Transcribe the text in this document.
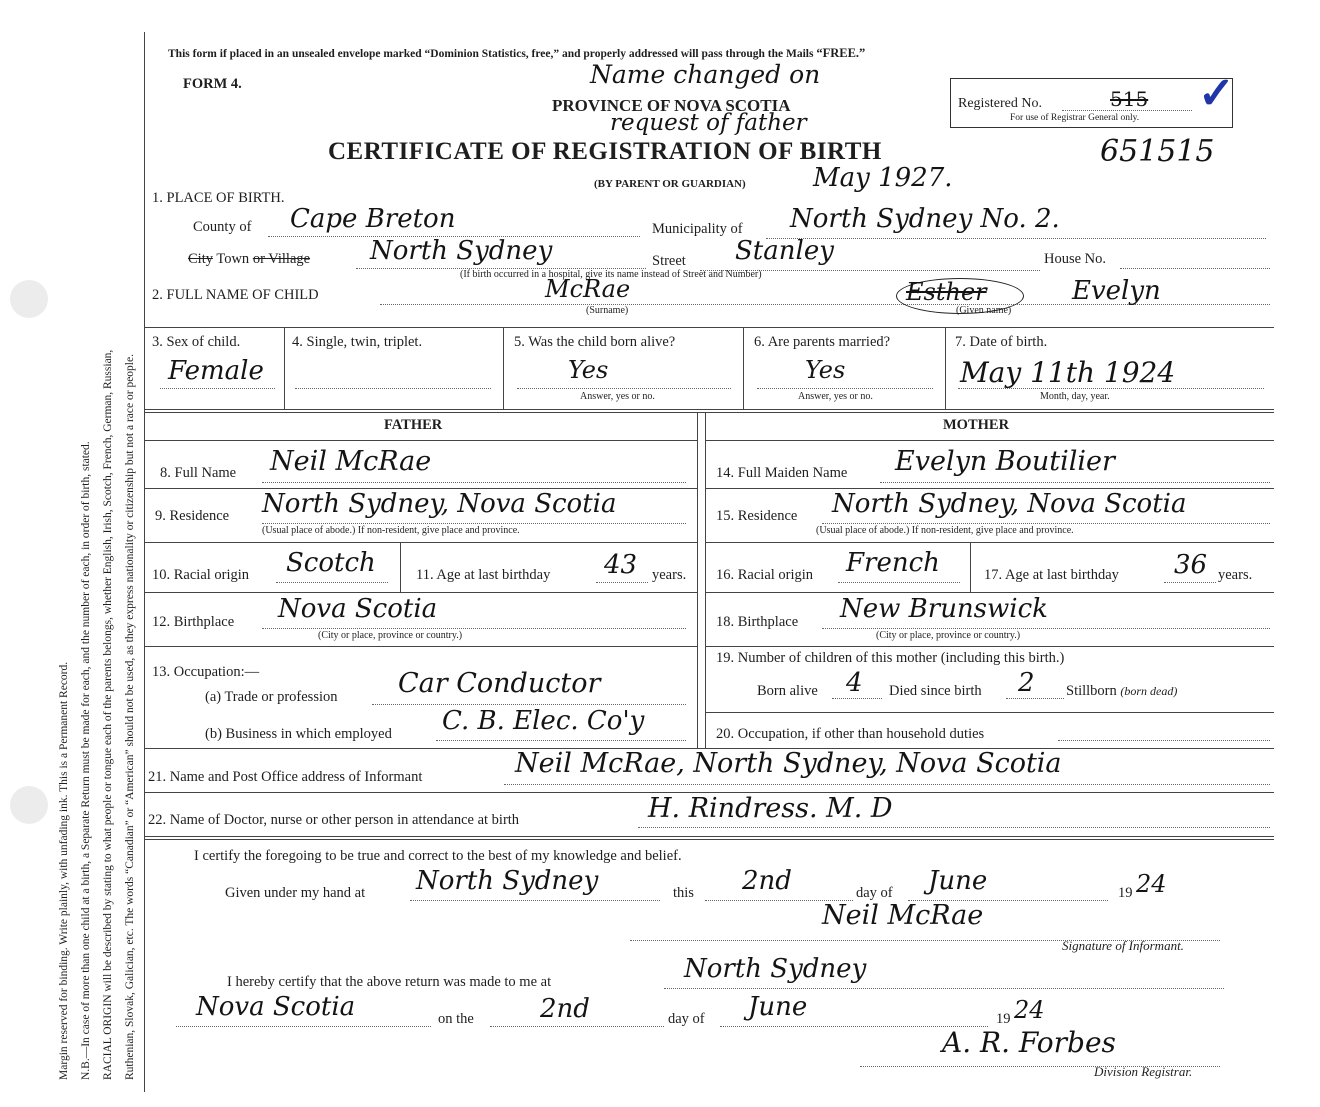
Margin reserved for binding. Write plainly, with unfading ink. This is a Permanent Record. N.B.—In case of more than one child at a birth, a Separate Return must be made for each, and the number of each, in order of birth, stated. RACIAL ORIGIN will be described by stating to what people or tongue each of the parents belongs, whether English, Irish, Scotch, French, German, Russian, Ruthenian, Slovak, Galician, etc. The words “Canadian” or “American” should not be used, as they express nationality or citizenship but not a race or people.
This form if placed in an unsealed envelope marked “Dominion Statistics, free,” and properly addressed will pass through the Mails “FREE.”
FORM 4.	Name changed on
PROVINCE OF NOVA SCOTIA
request of father
CERTIFICATE OF REGISTRATION OF BIRTH	651515
(BY PARENT OR GUARDIAN)	May 1927.
Registered No.	515
For use of Registrar General only. ✓
1. PLACE OF BIRTH.
County of Cape Breton	Municipality of North Sydney No. 2.
City Town or Village North Sydney	Street Stanley	House No.
(If birth occurred in a hospital, give its name instead of Street and Number)
2. FULL NAME OF CHILD	McRae
(Surname)
Esther	Evelyn
(Given name)
3. Sex of child.
Female
4. Single, twin, triplet.	5. Was the child born alive?
Yes
Answer, yes or no.
6. Are parents married?
Yes
Answer, yes or no.
7. Date of birth.
May 11th 1924
Month, day, year.
FATHER	MOTHER
8. Full Name Neil McRae
9. Residence North Sydney, Nova Scotia
(Usual place of abode.) If non-resident, give place and province.
10. Racial origin Scotch	11. Age at last birthday 43 years.
12. Birthplace Nova Scotia
(City or place, province or country.)
13. Occupation:—
(a) Trade or profession Car Conductor
(b) Business in which employed C. B. Elec. Co'y
14. Full Maiden Name Evelyn Boutilier
15. Residence North Sydney, Nova Scotia
(Usual place of abode.) If non-resident, give place and province.
16. Racial origin French	17. Age at last birthday 36 years.
18. Birthplace New Brunswick
(City or place, province or country.)
19. Number of children of this mother (including this birth.)
Born alive 4 Died since birth 2 Stillborn (born dead)
20. Occupation, if other than household duties
21. Name and Post Office address of Informant	Neil McRae, North Sydney, Nova Scotia
22. Name of Doctor, nurse or other person in attendance at birth	H. Rindress. M. D
I certify the foregoing to be true and correct to the best of my knowledge and belief.
Given under my hand at North Sydney	this 2nd	day of June	19 24
Neil McRae
Signature of Informant.
I hereby certify that the above return was made to me at	North Sydney
Nova Scotia	on the	2nd	day of June	19 24
A. R. Forbes
Division Registrar.
